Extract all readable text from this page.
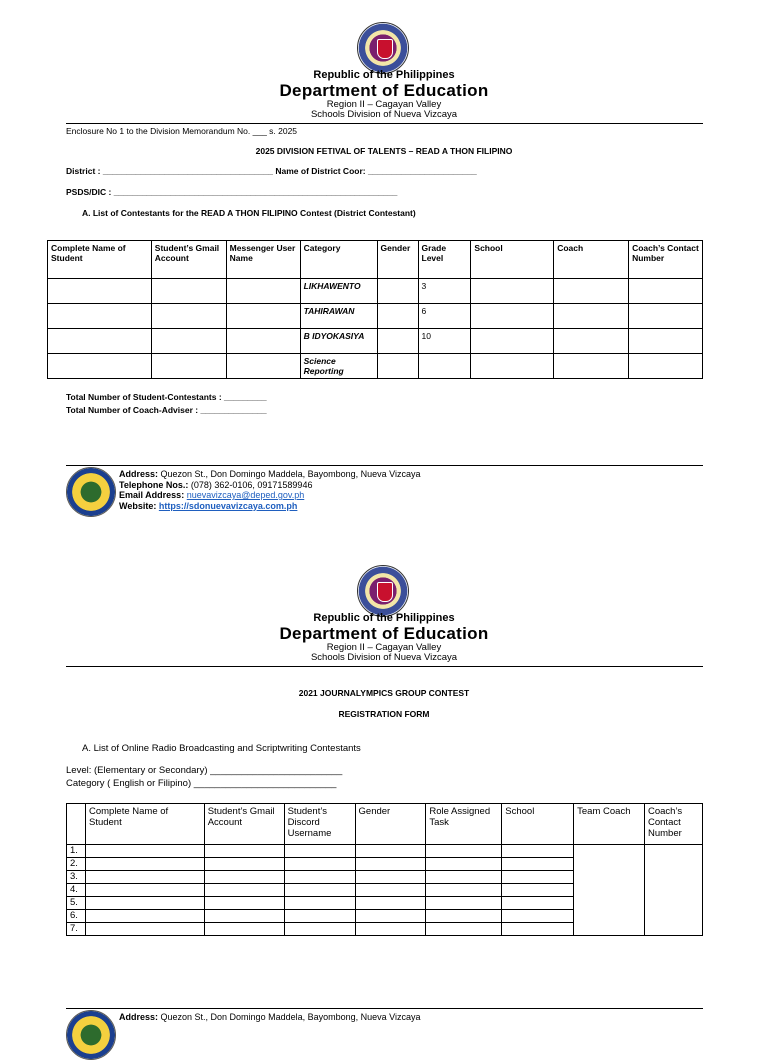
Republic of the Philippines
Department of Education
Region II – Cagayan Valley
Schools Division of Nueva Vizcaya
Enclosure No 1 to the Division Memorandum No. ___ s. 2025
2025 DIVISION FETIVAL OF TALENTS – READ A THON FILIPINO
District : ____________________________________ Name of District Coor: _______________________
PSDS/DIC : ____________________________________________________________
A. List of Contestants for the READ A THON FILIPINO Contest (District Contestant)
Complete Name of Student	Student’s Gmail Account	Messenger User Name	Category	Gender	Grade Level	School	Coach	Coach’s Contact Number
			LIKHAWENTO		3			
			TAHIRAWAN		6			
			B IDYOKASIYA		10			
			Science Reporting					
Total Number of Student-Contestants : _________
Total Number of Coach-Adviser : ______________
Address: Quezon St., Don Domingo Maddela, Bayombong, Nueva Vizcaya
Telephone Nos.: (078) 362-0106, 09171589946
Email Address: nuevavizcaya@deped.gov.ph
Website: https://sdonuevavizcaya.com.ph
Republic of the Philippines
Department of Education
Region II – Cagayan Valley
Schools Division of Nueva Vizcaya
2021 JOURNALYMPICS GROUP CONTEST
REGISTRATION FORM
A. List of Online Radio Broadcasting and Scriptwriting Contestants
Level: (Elementary or Secondary) _________________________
Category ( English or Filipino) ___________________________
	Complete Name of Student	Student’s Gmail Account	Student’s Discord Username	Gender	Role Assigned Task	School	Team Coach	Coach’s Contact Number
1.								
2.								
3.								
4.								
5.								
6.								
7.								
Address: Quezon St., Don Domingo Maddela, Bayombong, Nueva Vizcaya
